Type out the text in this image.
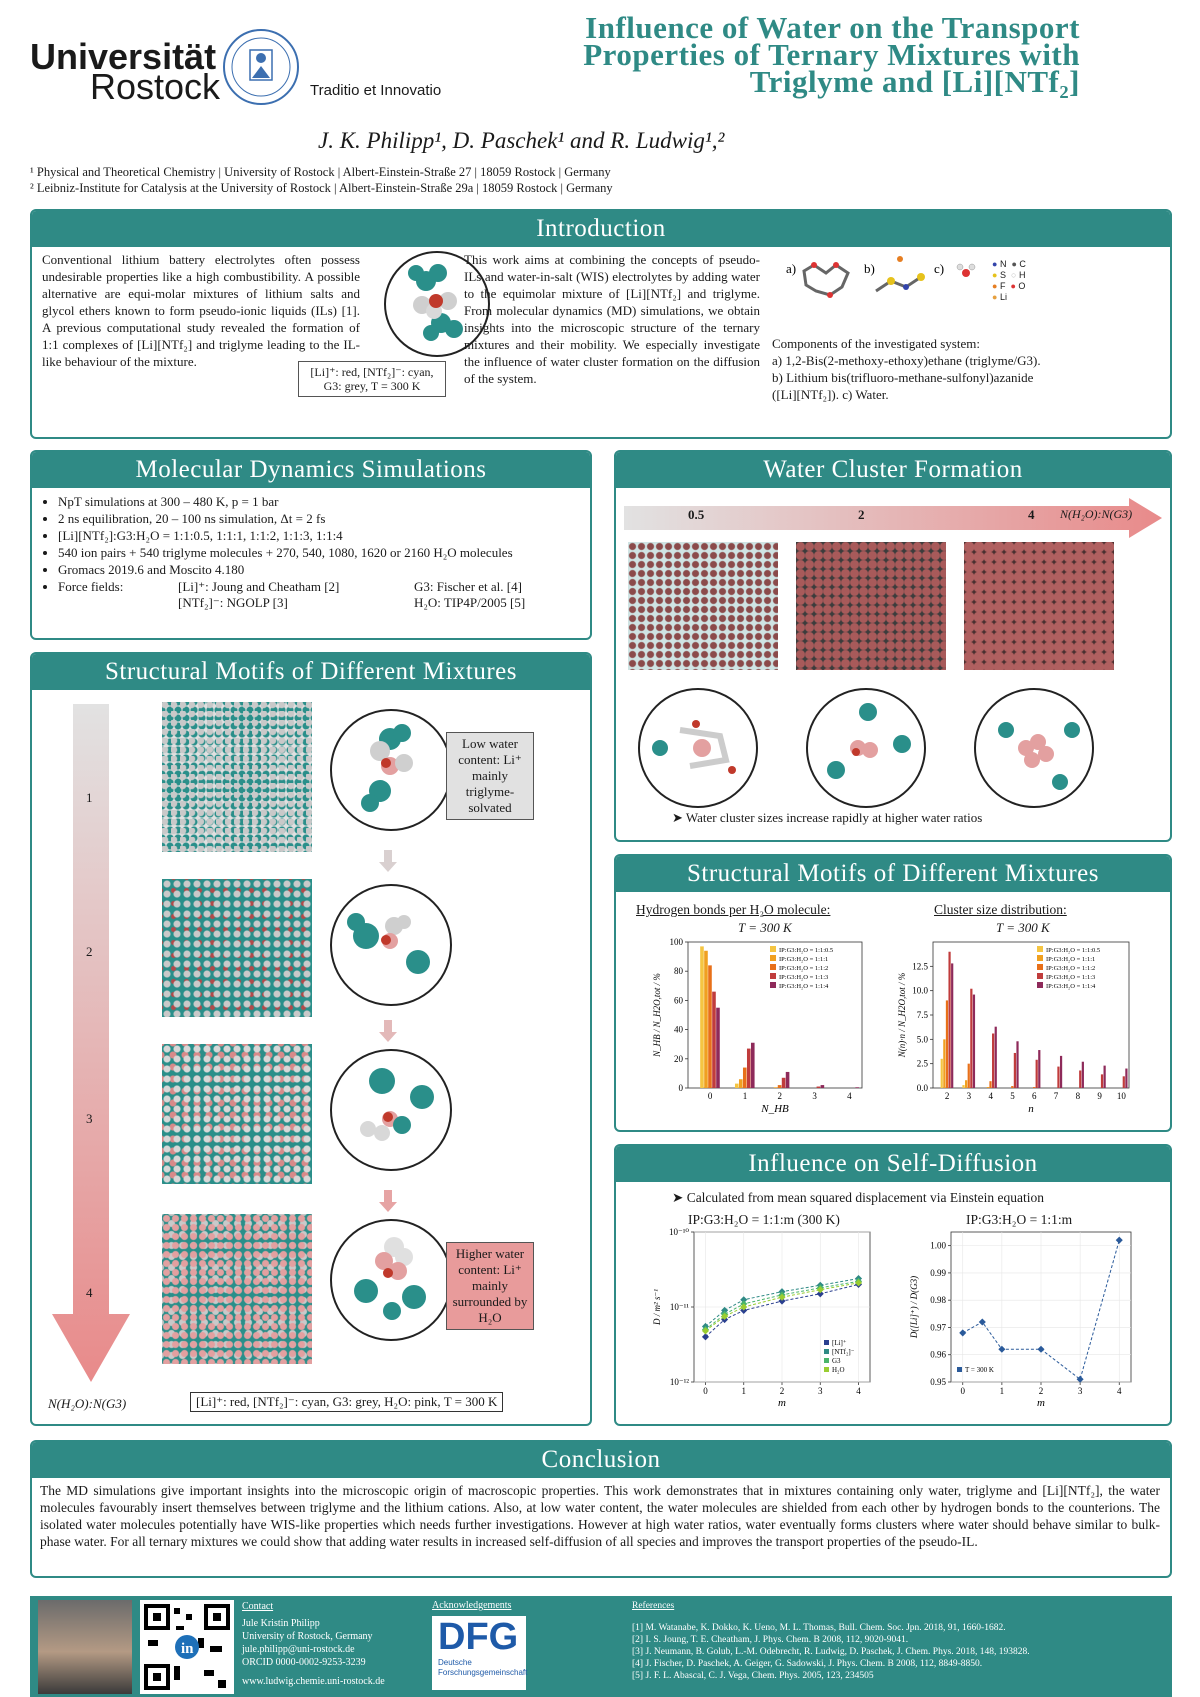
Universität
Rostock	Traditio et Innovatio
Influence of Water on the Transport
Properties of Ternary Mixtures with
Triglyme and [Li][NTf₂]
J. K. Philipp¹, D. Paschek¹ and R. Ludwig¹,²
¹ Physical and Theoretical Chemistry | University of Rostock | Albert-Einstein-Straße 27 | 18059 Rostock | Germany
² Leibniz-Institute for Catalysis at the University of Rostock | Albert-Einstein-Straße 29a | 18059 Rostock | Germany
Introduction
Conventional lithium battery electrolytes often possess undesirable properties like a high combustibility. A possible alternative are equi-molar mixtures of lithium salts and glycol ethers known to form pseudo-ionic liquids (ILs) [1]. A previous computational study revealed the formation of 1:1 complexes of [Li][NTf₂] and triglyme leading to the IL-like behaviour of the mixture.
[Li]⁺: red, [NTf₂]⁻: cyan, G3: grey, T = 300 K
This work aims at combining the concepts of pseudo-ILs and water-in-salt (WIS) electrolytes by adding water to the equimolar mixture of [Li][NTf₂] and triglyme. From molecular dynamics (MD) simulations, we obtain insights into the microscopic structure of the ternary mixtures and their mobility. We especially investigate the influence of water cluster formation on the diffusion of the system.
a)	b)	c)	● N ● C
● S ○ H
● F ● O
● Li
Components of the investigated system:
a) 1,2-Bis(2-methoxy-ethoxy)ethane (triglyme/G3).
b) Lithium bis(trifluoro-methane-sulfonyl)azanide
([Li][NTf₂]). c) Water.
Molecular Dynamics Simulations
• NpT simulations at 300 – 480 K, p = 1 bar
• 2 ns equilibration, 20 – 100 ns simulation, Δt = 2 fs
• [Li][NTf₂]:G3:H₂O = 1:1:0.5, 1:1:1, 1:1:2, 1:1:3, 1:1:4
• 540 ion pairs + 540 triglyme molecules + 270, 540, 1080, 1620 or 2160 H₂O molecules
• Gromacs 2019.6 and Moscito 4.180
• Force fields:	[Li]⁺: Joung and Cheatham [2]	G3: Fischer et al. [4]
[NTf₂]⁻: NGOLP [3]	H₂O: TIP4P/2005 [5]
Structural Motifs of Different Mixtures
1
2
3
4
Low water content: Li⁺ mainly triglyme-solvated
Higher water content: Li⁺ mainly surrounded by H₂O
N(H₂O):N(G3)	[Li]⁺: red, [NTf₂]⁻: cyan, G3: grey, H₂O: pink, T = 300 K
Water Cluster Formation
0.5	2	4 N(H₂O):N(G3)
➤ Water cluster sizes increase rapidly at higher water ratios
Structural Motifs of Different Mixtures
Hydrogen bonds per H₂O molecule:
T = 300 K
Cluster size distribution:
T = 300 K
0
20
40
60
80
100
0	1	2	3	4
N_HB
N_HB / N_H2O,tot / %
IP:G3:H₂O = 1:1:0.5
IP:G3:H₂O = 1:1:1
IP:G3:H₂O = 1:1:2
IP:G3:H₂O = 1:1:3
IP:G3:H₂O = 1:1:4
0.0
2.5
5.0
7.5
10.0
12.5
2 3 4 5 6 7 8 9 10
n
N(n)·n / N_H2O,tot / %
IP:G3:H₂O = 1:1:0.5
IP:G3:H₂O = 1:1:1
IP:G3:H₂O = 1:1:2
IP:G3:H₂O = 1:1:3
IP:G3:H₂O = 1:1:4
Influence on Self-Diffusion
➤ Calculated from mean squared displacement via Einstein equation
IP:G3:H₂O = 1:1:m (300 K)	IP:G3:H₂O = 1:1:m
0	1	2	3	4
10⁻¹²
10⁻¹¹
10⁻¹⁰
m
D / m² s⁻¹
[Li]⁺
[NTf₂]⁻
G3
H₂O
0	1	2	3	4
0.95
0.96
0.97
0.98
0.99
1.00
m
D([Li]⁺) / D(G3)
T = 300 K
Conclusion
The MD simulations give important insights into the microscopic origin of macroscopic properties. This work demonstrates that in mixtures containing only water, triglyme and [Li][NTf₂], the water molecules favourably insert themselves between triglyme and the lithium cations. Also, at low water content, the water molecules are shielded from each other by hydrogen bonds to the counterions. The isolated water molecules potentially have WIS-like properties which needs further investigations. However at high water ratios, water eventually forms clusters where water should behave similar to bulk-phase water. For all ternary mixtures we could show that adding water results in increased self-diffusion of all species and improves the transport properties of the pseudo-IL.
in
Contact
Jule Kristin Philipp
University of Rostock, Germany
jule.philipp@uni-rostock.de
ORCID 0000-0002-9253-3239
www.ludwig.chemie.uni-rostock.de
Acknowledgements
DFG
Deutsche
Forschungsgemeinschaft
References
[1] M. Watanabe, K. Dokko, K. Ueno, M. L. Thomas, Bull. Chem. Soc. Jpn. 2018, 91, 1660-1682.
[2] I. S. Joung, T. E. Cheatham, J. Phys. Chem. B 2008, 112, 9020-9041.
[3] J. Neumann, B. Golub, L.-M. Odebrecht, R. Ludwig, D. Paschek, J. Chem. Phys. 2018, 148, 193828.
[4] J. Fischer, D. Paschek, A. Geiger, G. Sadowski, J. Phys. Chem. B 2008, 112, 8849-8850.
[5] J. F. L. Abascal, C. J. Vega, Chem. Phys. 2005, 123, 234505
